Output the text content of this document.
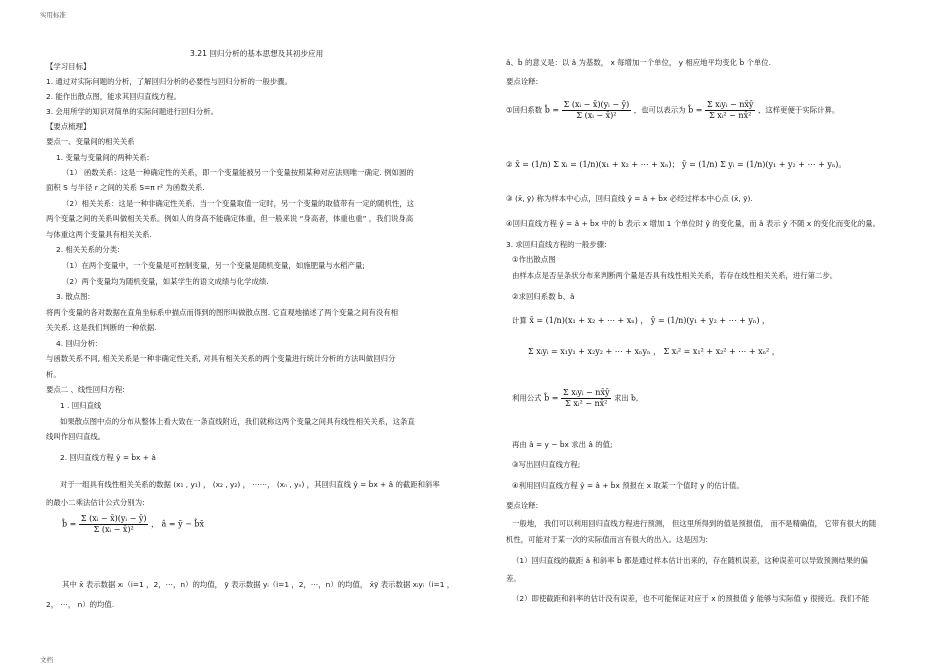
实用标准
文档
3.21 回归分析的基本思想及其初步应用
【学习目标】
1. 通过对实际问题的分析，了解回归分析的必要性与回归分析的一般步骤。
2. 能作出散点图，能求其回归直线方程。
3. 会用所学的知识对简单的实际问题进行回归分析。
【要点梳理】
要点一、变量间的相关关系
1. 变量与变量间的两种关系:
（1） 函数关系：这是一种确定性的关系，即一个变量能被另一个变量按照某种对应法则唯一确定. 例如圆的
面积 S 与半径 r 之间的关系 S=π r² 为函数关系.
（2）相关关系：这是一种非确定性关系．当一个变量取值一定时，另一个变量的取值带有一定的随机性，这
两个变量之间的关系叫做相关关系。例如人的身高不能确定体重，但一般来说 “身高者，体重也重” ，我们说身高
与体重这两个变量具有相关关系.
2. 相关关系的分类:
（1）在两个变量中，一个变量是可控制变量，另一个变量是随机变量，如施肥量与水稻产量;
（2）两个变量均为随机变量，如某学生的语文成绩与化学成绩.
3. 散点图:
将两个变量的各对数据在直角坐标系中描点而得到的图形叫做散点图. 它直观地描述了两个变量之间有没有相
关关系. 这是我们判断的一种依据.
4. 回归分析:
与函数关系不同, 相关关系是一种非确定性关系, 对具有相关关系的两个变量进行统计分析的方法叫做回归分
析。
要点二 、线性回归方程:
1 . 回归直线
如果散点图中点的分布从整体上看大致在一条直线附近，我们就称这两个变量之间具有线性相关关系，这条直
线叫作回归直线。
2. 回归直线方程 ŷ = b̂x + â
对于一组具有线性相关关系的数据 (x₁ , y₁) ， (x₂ , y₂) ， ⋯⋯， (xₙ , yₙ) ，其回归直线 ŷ = b̂x + â 的截距和斜率
的最小二乘法估计公式分别为:
b̂ = $\frac{\text{Σ (xᵢ − x̄)(yᵢ − ȳ)}}{\text{Σ (xᵢ − x̄)²}}$ ， â = ȳ − b̂x̄
其中 x̄ 表示数据 xᵢ（i=1 ，2，⋯，n）的均值， ȳ 表示数据 yᵢ（i=1 ，2，⋯，n）的均值， x̄ȳ 表示数据 xᵢyᵢ（i=1 ，
2， ⋯， n）的均值.
â、b̂ 的意义是：以 â 为基数， x 每增加一个单位， y 相应地平均变化 b̂ 个单位.
要点诠释:
①回归系数 b̂ = $\frac{\text{Σ (xᵢ − x̄)(yᵢ − ȳ)}}{\text{Σ (xᵢ − x̄)²}}$ ，也可以表示为 b̂ = $\frac{\text{Σ xᵢyᵢ − nx̄ȳ}}{\text{Σ xᵢ² − nx̄²}}$ ，这样更便于实际计算。
② x̄ = (1/n) Σ xᵢ = (1/n)(x₁ + x₂ + ⋯ + xₙ)； ȳ = (1/n) Σ yᵢ = (1/n)(y₁ + y₂ + ⋯ + yₙ)。
③ (x̄, ȳ) 称为样本中心点，回归直线 ŷ = â + b̂x 必经过样本中心点 (x̄, ȳ).
④回归直线方程 ŷ = â + b̂x 中的 b̂ 表示 x 增加 1 个单位时 ŷ 的变化量，而 â 表示 ŷ 不随 x 的变化而变化的量。
3. 求回归直线方程的一般步骤:
①作出散点图
由样本点是否呈条状分布来判断两个量是否具有线性相关关系，若存在线性相关关系，进行第二步。
②求回归系数 b̂、â
计算 x̄ = (1/n)(x₁ + x₂ + ⋯ + xₙ) ， ȳ = (1/n)(y₁ + y₂ + ⋯ + yₙ) ，
Σ xᵢyᵢ = x₁y₁ + x₂y₂ + ⋯ + xₙyₙ ， Σ xᵢ² = x₁² + x₂² + ⋯ + xₙ² ，
利用公式 b̂ = $\frac{\text{Σ xᵢyᵢ − nx̄ȳ}}{\text{Σ xᵢ² − nx̄²}}$ 求出 b̂,
再由 â = y − b̂x 求出 â 的值;
③写出回归直线方程;
④利用回归直线方程 ŷ = â + b̂x 预报在 x 取某一个值时 y 的估计值。
要点诠释:
一般地， 我们可以利用回归直线方程进行预测， 但这里所得到的值是预报值， 而不是精确值， 它带有很大的随
机性，可能对于某一次的实际值而言有很大的出入。这是因为:
（1）回归直线的截距 â 和斜率 b̂ 都是通过样本估计出来的，存在随机误差，这种误差可以导致预测结果的偏
差。
（2）即使截距和斜率的估计没有误差，也不可能保证对应于 x 的预报值 ŷ 能够与实际值 y 很接近。我们不能
